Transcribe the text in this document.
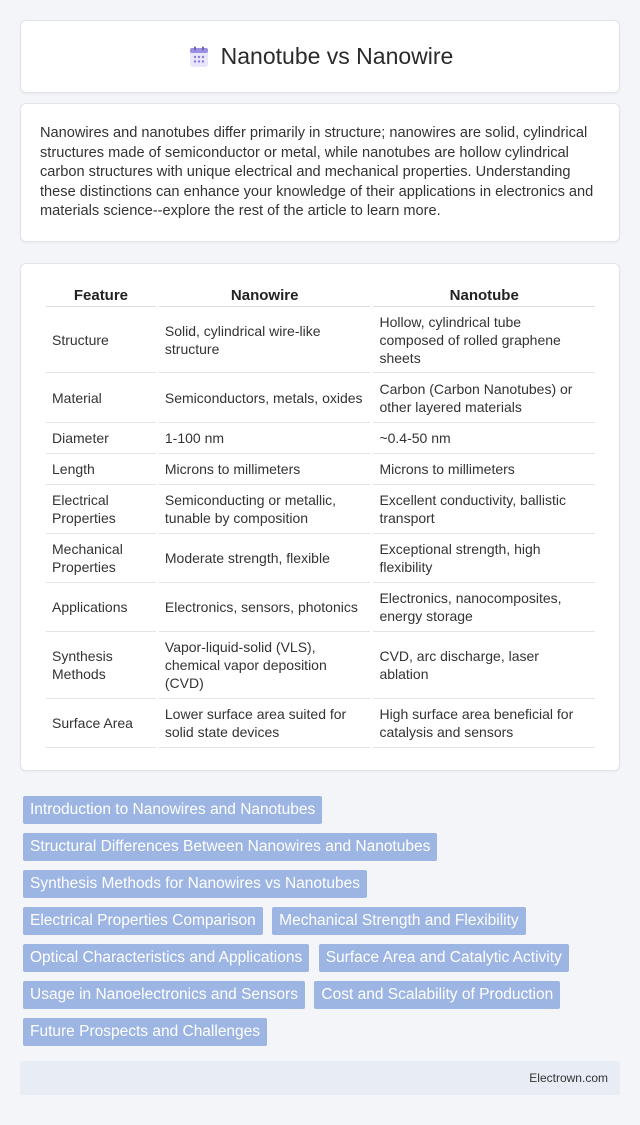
Nanotube vs Nanowire

Nanowires and nanotubes differ primarily in structure; nanowires are solid, cylindrical structures made of semiconductor or metal, while nanotubes are hollow cylindrical carbon structures with unique electrical and mechanical properties. Understanding these distinctions can enhance your knowledge of their applications in electronics and materials science--explore the rest of the article to learn more.

Feature	Nanowire	Nanotube
Structure	Solid, cylindrical wire-like structure	Hollow, cylindrical tube composed of rolled graphene sheets
Material	Semiconductors, metals, oxides	Carbon (Carbon Nanotubes) or other layered materials
Diameter	1-100 nm	~0.4-50 nm
Length	Microns to millimeters	Microns to millimeters
Electrical Properties	Semiconducting or metallic, tunable by composition	Excellent conductivity, ballistic transport
Mechanical Properties	Moderate strength, flexible	Exceptional strength, high flexibility
Applications	Electronics, sensors, photonics	Electronics, nanocomposites, energy storage
Synthesis Methods	Vapor-liquid-solid (VLS), chemical vapor deposition (CVD)	CVD, arc discharge, laser ablation
Surface Area	Lower surface area suited for solid state devices	High surface area beneficial for catalysis and sensors
Introduction to Nanowires and Nanotubes Structural Differences Between Nanowires and Nanotubes Synthesis Methods for Nanowires vs Nanotubes Electrical Properties Comparison Mechanical Strength and Flexibility Optical Characteristics and Applications Surface Area and Catalytic Activity Usage in Nanoelectronics and Sensors Cost and Scalability of Production Future Prospects and Challenges
Electrown.com
